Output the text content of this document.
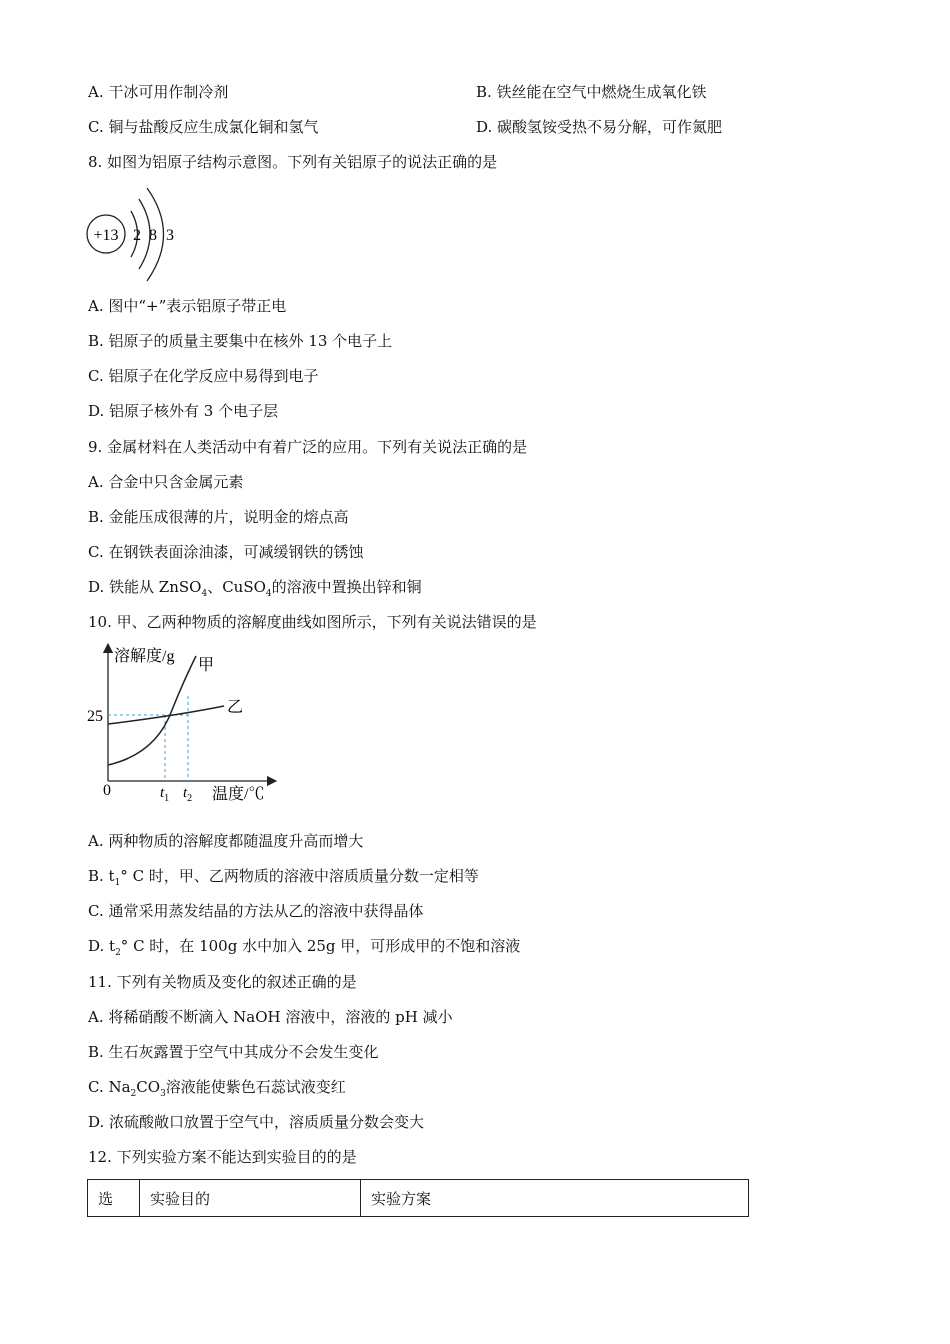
A. 干冰可用作制冷剂	B. 铁丝能在空气中燃烧生成氧化铁
C. 铜与盐酸反应生成氯化铜和氢气	D. 碳酸氢铵受热不易分解，可作氮肥
8. 如图为铝原子结构示意图。下列有关铝原子的说法正确的是
+13 2 8 3
A. 图中“+”表示铝原子带正电
B. 铝原子的质量主要集中在核外 13 个电子上
C. 铝原子在化学反应中易得到电子
D. 铝原子核外有 3 个电子层
9. 金属材料在人类活动中有着广泛的应用。下列有关说法正确的是
A. 合金中只含金属元素
B. 金能压成很薄的片，说明金的熔点高
C. 在钢铁表面涂油漆，可减缓钢铁的锈蚀
D. 铁能从 ZnSO$_4$、CuSO$_4$的溶液中置换出锌和铜
10. 甲、乙两种物质的溶解度曲线如图所示，下列有关说法错误的是
溶解度/g
甲
乙
25
0	$t_1$ $t_2$ 温度/℃
A. 两种物质的溶解度都随温度升高而增大
B. $t_1^\circ$ C 时，甲、乙两物质的溶液中溶质质量分数一定相等
C. 通常采用蒸发结晶的方法从乙的溶液中获得晶体
D. $t_2^\circ$ C 时，在 100g 水中加入 25g 甲，可形成甲的不饱和溶液
11. 下列有关物质及变化的叙述正确的是
A. 将稀硝酸不断滴入 NaOH 溶液中，溶液的 pH 减小
B. 生石灰露置于空气中其成分不会发生变化
C. $Na_2CO_3$溶液能使紫色石蕊试液变红
D. 浓硫酸敞口放置于空气中，溶质质量分数会变大
12. 下列实验方案不能达到实验目的的是
选	实验目的	实验方案
